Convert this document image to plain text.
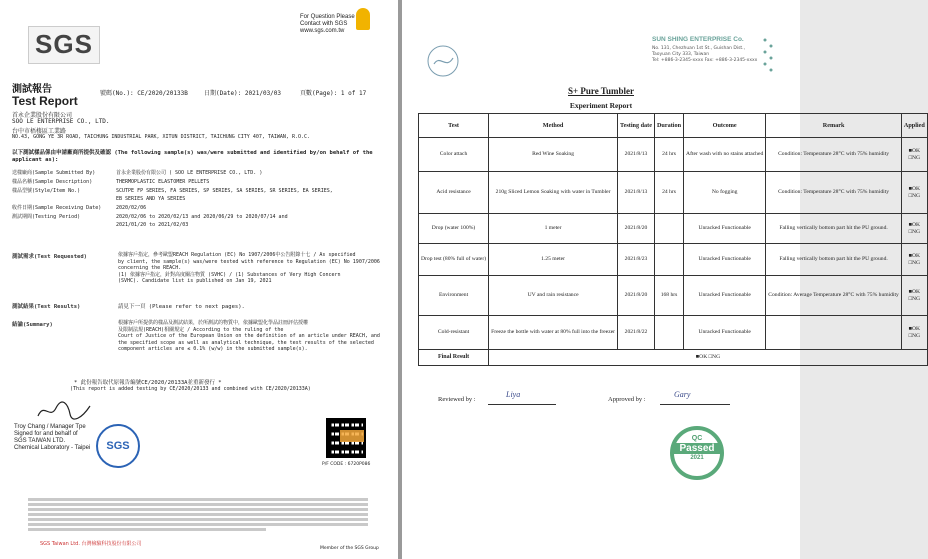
SGS
For Question Please
Contact with SGS
www.sgs.com.tw
測試報告
Test Report
號碼(No.): CE/2020/20133B	日期(Date): 2021/03/03	頁數(Page): 1 of 17
首永企業股份有限公司
SOO LE ENTERPRISE CO., LTD.
台中市梧棲區工業路
NO.43, GONG YE 3R ROAD, TAICHUNG INDUSTRIAL PARK, XITUN DISTRICT, TAICHUNG CITY 407, TAIWAN, R.O.C.
以下測試樣品係由申請廠商所提供及確認 (The following sample(s) was/were submitted and identified by/on behalf of the applicant as):
送樣廠商(Sample Submitted By)	首永企業股份有限公司 ( SOO LE ENTERPRISE CO., LTD. )
樣品名稱(Sample Description)	THERMOPLASTIC ELASTOMER PELLETS
樣品型號(Style/Item No.)	SCUTPE FP SERIES, FA SERIES, SP SERIES, SA SERIES, SR SERIES, EA SERIES,
	EB SERIES AND YA SERIES
收件日期(Sample Receiving Date)	2020/02/06
測試期間(Testing Period)	2020/02/06 to 2020/02/13 and 2020/06/29 to 2020/07/14 and
	2021/01/20 to 2021/02/03
測試需求(Test Requested)	依據客戶指定，參考歐盟REACH Regulation (EC) No 1907/2006中公告附錄十七 / As specified
by client, the sample(s) was/were tested with reference to Regulation (EC) No 1907/2006
concerning the REACH.
(1) 依據客戶指定，針對高度關注物質 (SVHC) / (1) Substances of Very High Concern
(SVHC). Candidate list is published on Jan 19, 2021
測試結果(Test Results)	請見下一頁 (Please refer to next pages).
結論(Summary)	根據客戶所提供的樣品及測試結果，於所測試的物質中，依據歐盟化學品註冊評估授權
及限制法規(REACH)相關規定 / According to the ruling of the
Court of Justice of the European Union on the definition of an article under REACH, and
the specified scope as well as analytical technique, the test results of the selected
component articles are ≤ 0.1% (w/w) in the submitted sample(s).
* 此份報告取代原報告編號CE/2020/20133A並重新發行 *
(This report is added testing by CE/2020/20133 and combined with CE/2020/20133A)
Troy Chang / Manager Tpe
Signed for and behalf of
SGS TAIWAN LTD.
Chemical Laboratory - Taipei	SGS
P/F CODE : 6720P086
SGS Taiwan Ltd. 台灣檢驗科技股份有限公司
Member of the SGS Group
SUN SHING ENTERPRISE Co.
No. 131, Chezhuan 1st St., Guishan Dist.,
Taoyuan City 333, Taiwan
Tel: +886-3-2345-xxxx Fax: +886-3-2345-xxxx
S+ Pure Tumbler
Experiment Report
Test	Method	Testing date	Duration	Outcome	Remark	Applied
Color attach	Red Wine Soaking	2021/8/13	24 hrs	After wash with no stains attached	Condition: Temperature 28°C with 75% humidity	■OK
□NG

Acid resistance	210g Sliced Lemon Soaking with water in Tumbler	2021/8/13	24 hrs	No fogging	Condition: Temperature 28°C with 75% humidity	■OK
□NG

Drop (water 100%)	1 meter	2021/8/20		Unracked Functionable	Falling vertically bottom part hit the PU ground.	■OK
□NG

Drop test (80% full of water)	1.25 meter	2021/8/23		Unracked Functionable	Falling vertically bottom part hit the PU ground.	■OK
□NG

Environment	UV and rain resistance	2021/8/20	168 hrs	Unracked Functionable	Condition: Average Temperature 28°C with 75% humidity	■OK
□NG

Cold-resistant	Freeze the bottle with water at 80% full into the freezer	2021/8/22		Unracked Functionable		■OK
□NG

Final Result	■OK □NG					
Reviewed by :
Liya
Approved by :
Gary
QC
Passed
2021
